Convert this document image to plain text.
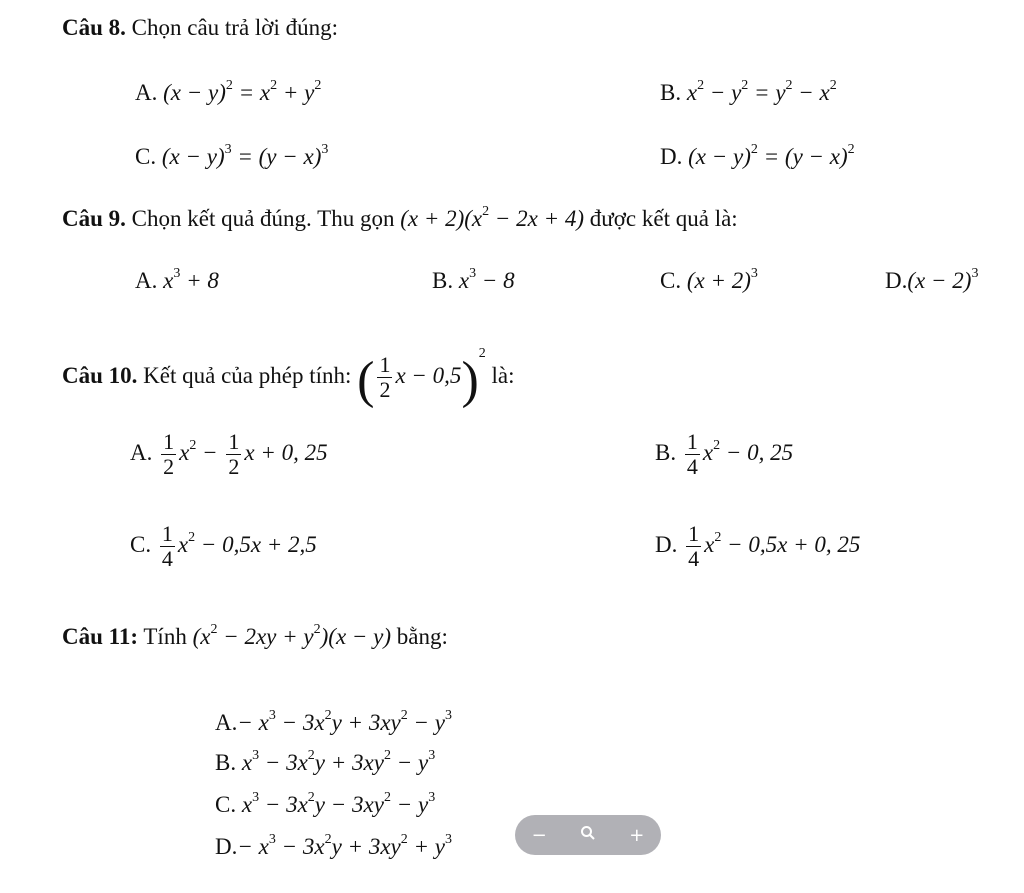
Câu 8. Chọn câu trả lời đúng:
A. $(x - y)^2 = x^2 + y^2$	B. $x^2 - y^2 = y^2 - x^2$
C. $(x - y)^3 = (y - x)^3$	D. $(x - y)^2 = (y - x)^2$
Câu 9. Chọn kết quả đúng. Thu gọn $(x + 2)(x^2 - 2x + 4)$ được kết quả là:
A. $x^3 + 8$	B. $x^3 - 8$	C. $(x + 2)^3$	$D.(x - 2)^3$
Câu 10. Kết quả của phép tính: ( $\frac{1}{2}$ x − 0,5)$^2$ là:
A. $\frac{1}{2} x^2 - \frac{1}{2}$ x + 0, 25	B. $\frac{1}{4} x^2 - 0$, 25
C. $\frac{1}{4} x^2 - 0,5x + 2,5$	D. $\frac{1}{4} x^2 - 0,5x + 0$, 25
Câu 11: Tính $(x^2 - 2xy + y^2)(x - y)$ bằng:
$A.- x^3 - 3x^2y + 3xy^2 - y^3$
B. $x^3 - 3x^2y + 3xy^2 - y^3$
C. $x^3 - 3x^2y - 3xy^2 - y^3$
$D.- x^3 - 3x^2y + 3xy^2 + y^3$	−	+
